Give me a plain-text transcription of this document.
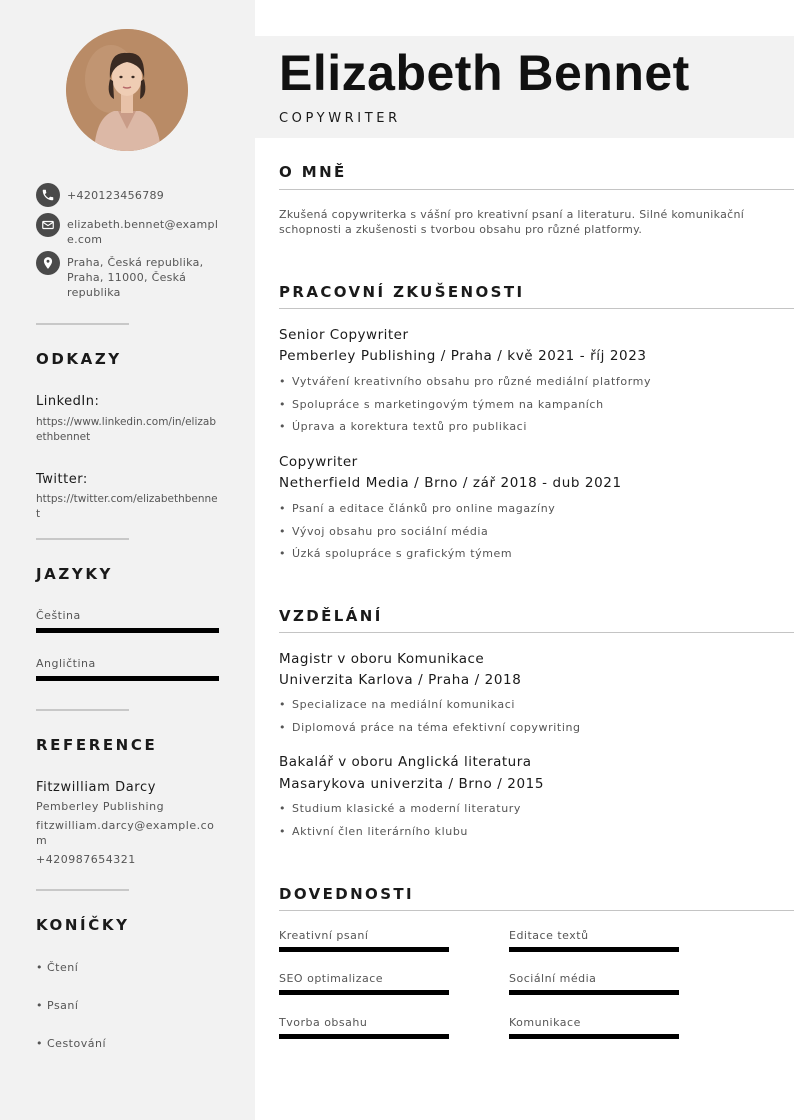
+420123456789
elizabeth.bennet@example.com
Praha, Česká republika, Praha, 11000, Česká republika
ODKAZY
LinkedIn:
https://www.linkedin.com/in/elizabethbennet
Twitter:
https://twitter.com/elizabethbennet
JAZYKY
Čeština
Angličtina
REFERENCE
Fitzwilliam Darcy
Pemberley Publishing
fitzwilliam.darcy@example.com
+420987654321
KONÍČKY
• Čtení
• Psaní
• Cestování
Elizabeth Bennet
COPYWRITER
O MNĚ
Zkušená copywriterka s vášní pro kreativní psaní a literaturu. Silné komunikační schopnosti a zkušenosti s tvorbou obsahu pro různé platformy.
PRACOVNÍ ZKUŠENOSTI
Senior Copywriter
Pemberley Publishing / Praha / kvě 2021 - říj 2023
• Vytváření kreativního obsahu pro různé mediální platformy
• Spolupráce s marketingovým týmem na kampaních
• Úprava a korektura textů pro publikaci
Copywriter
Netherfield Media / Brno / zář 2018 - dub 2021
• Psaní a editace článků pro online magazíny
• Vývoj obsahu pro sociální média
• Úzká spolupráce s grafickým týmem
VZDĚLÁNÍ
Magistr v oboru Komunikace
Univerzita Karlova / Praha / 2018
• Specializace na mediální komunikaci
• Diplomová práce na téma efektivní copywriting
Bakalář v oboru Anglická literatura
Masarykova univerzita / Brno / 2015
• Studium klasické a moderní literatury
• Aktivní člen literárního klubu
DOVEDNOSTI
Kreativní psaní	Editace textů
SEO optimalizace	Sociální média
Tvorba obsahu	Komunikace
